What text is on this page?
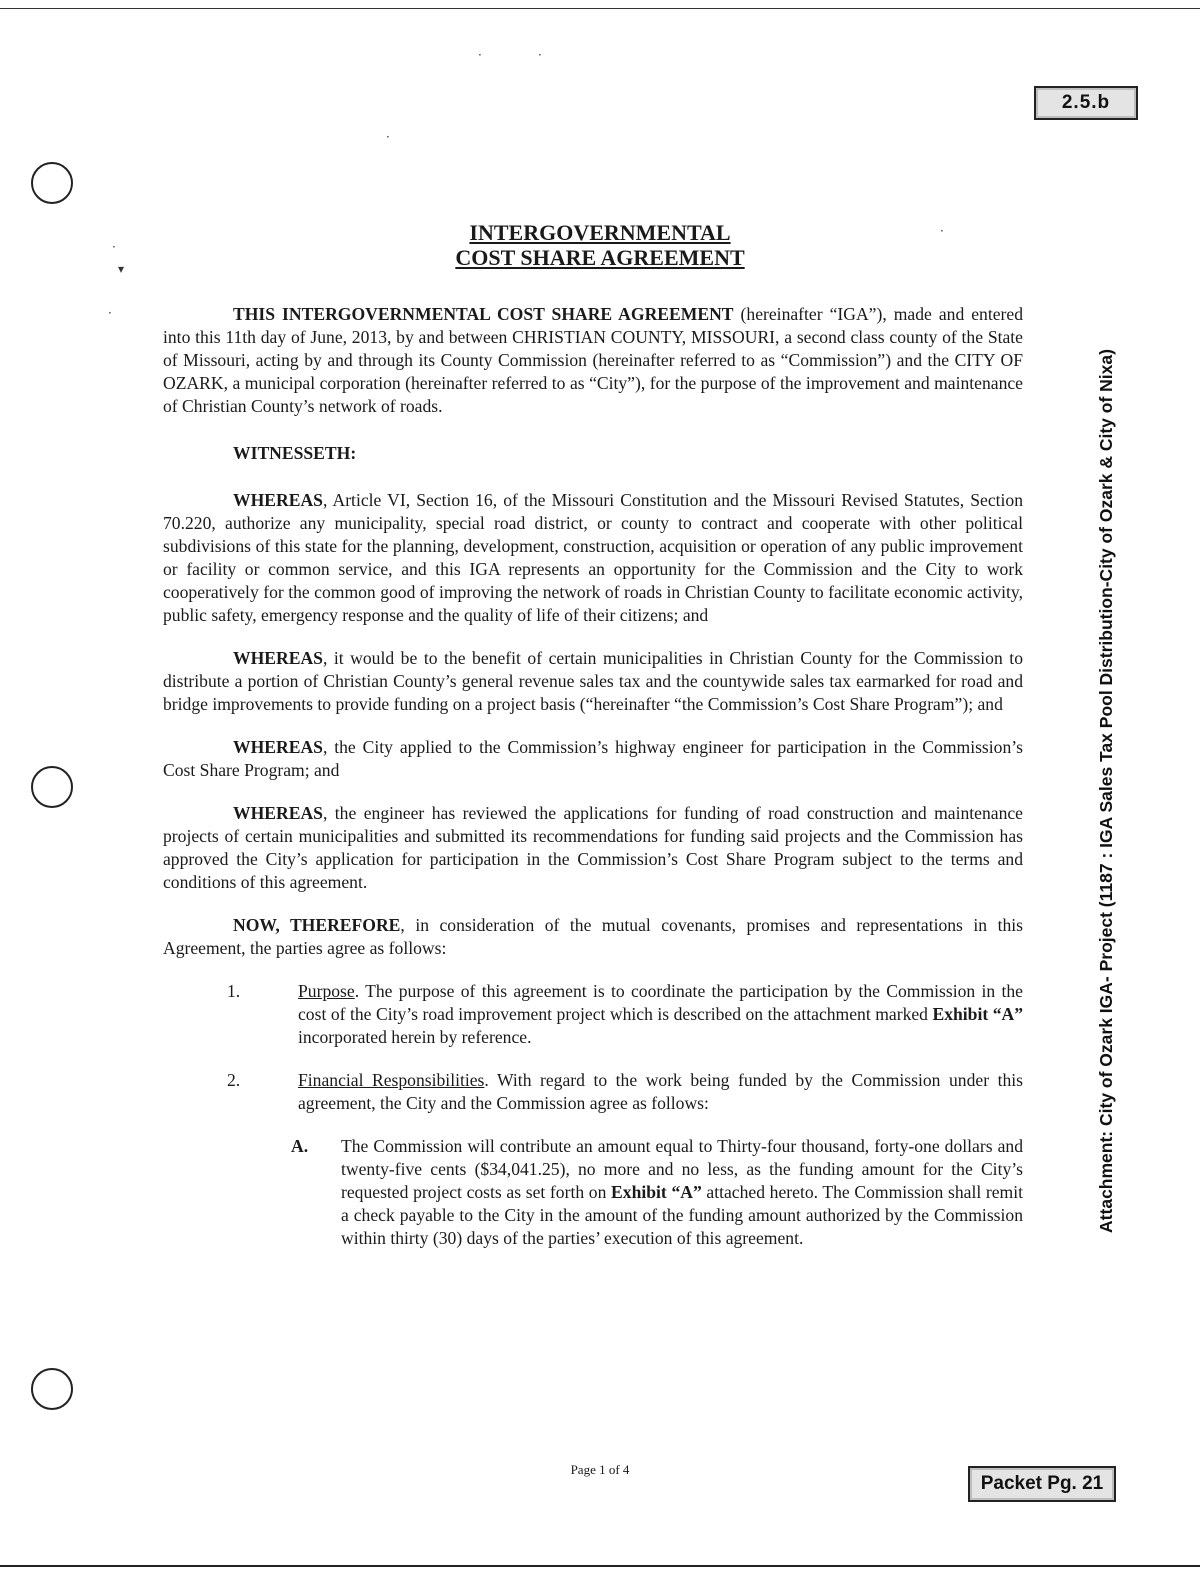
2.5.b
·	·
·
·
▾
·
·
INTERGOVERNMENTAL
COST SHARE AGREEMENT

THIS INTERGOVERNMENTAL COST SHARE AGREEMENT (hereinafter “IGA”), made and entered into this 11th day of June, 2013, by and between CHRISTIAN COUNTY, MISSOURI, a second class county of the State of Missouri, acting by and through its County Commission (hereinafter referred to as “Commission”) and the CITY OF OZARK, a municipal corporation (hereinafter referred to as “City”), for the purpose of the improvement and maintenance of Christian County’s network of roads.

WITNESSETH:

WHEREAS, Article VI, Section 16, of the Missouri Constitution and the Missouri Revised Statutes, Section 70.220, authorize any municipality, special road district, or county to contract and cooperate with other political subdivisions of this state for the planning, development, construction, acquisition or operation of any public improvement or facility or common service, and this IGA represents an opportunity for the Commission and the City to work cooperatively for the common good of improving the network of roads in Christian County to facilitate economic activity, public safety, emergency response and the quality of life of their citizens; and

WHEREAS, it would be to the benefit of certain municipalities in Christian County for the Commission to distribute a portion of Christian County’s general revenue sales tax and the countywide sales tax earmarked for road and bridge improvements to provide funding on a project basis (“hereinafter “the Commission’s Cost Share Program”); and

WHEREAS, the City applied to the Commission’s highway engineer for participation in the Commission’s Cost Share Program; and

WHEREAS, the engineer has reviewed the applications for funding of road construction and maintenance projects of certain municipalities and submitted its recommendations for funding said projects and the Commission has approved the City’s application for participation in the Commission’s Cost Share Program subject to the terms and conditions of this agreement.

NOW, THEREFORE, in consideration of the mutual covenants, promises and representations in this Agreement, the parties agree as follows:

1.	Purpose. The purpose of this agreement is to coordinate the participation by the Commission in the cost of the City’s road improvement project which is described on the attachment marked Exhibit “A” incorporated herein by reference.

2.	Financial Responsibilities. With regard to the work being funded by the Commission under this agreement, the City and the Commission agree as follows:

A. The Commission will contribute an amount equal to Thirty-four thousand, forty-one dollars and twenty-five cents ($34,041.25), no more and no less, as the funding amount for the City’s requested project costs as set forth on Exhibit “A” attached hereto. The Commission shall remit a check payable to the City in the amount of the funding amount authorized by the Commission within thirty (30) days of the parties’ execution of this agreement.

Attachment: City of Ozark IGA- Project (1187 : IGA Sales Tax Pool Distribution-City of Ozark & City of Nixa)
Page 1 of 4
Packet Pg. 21
